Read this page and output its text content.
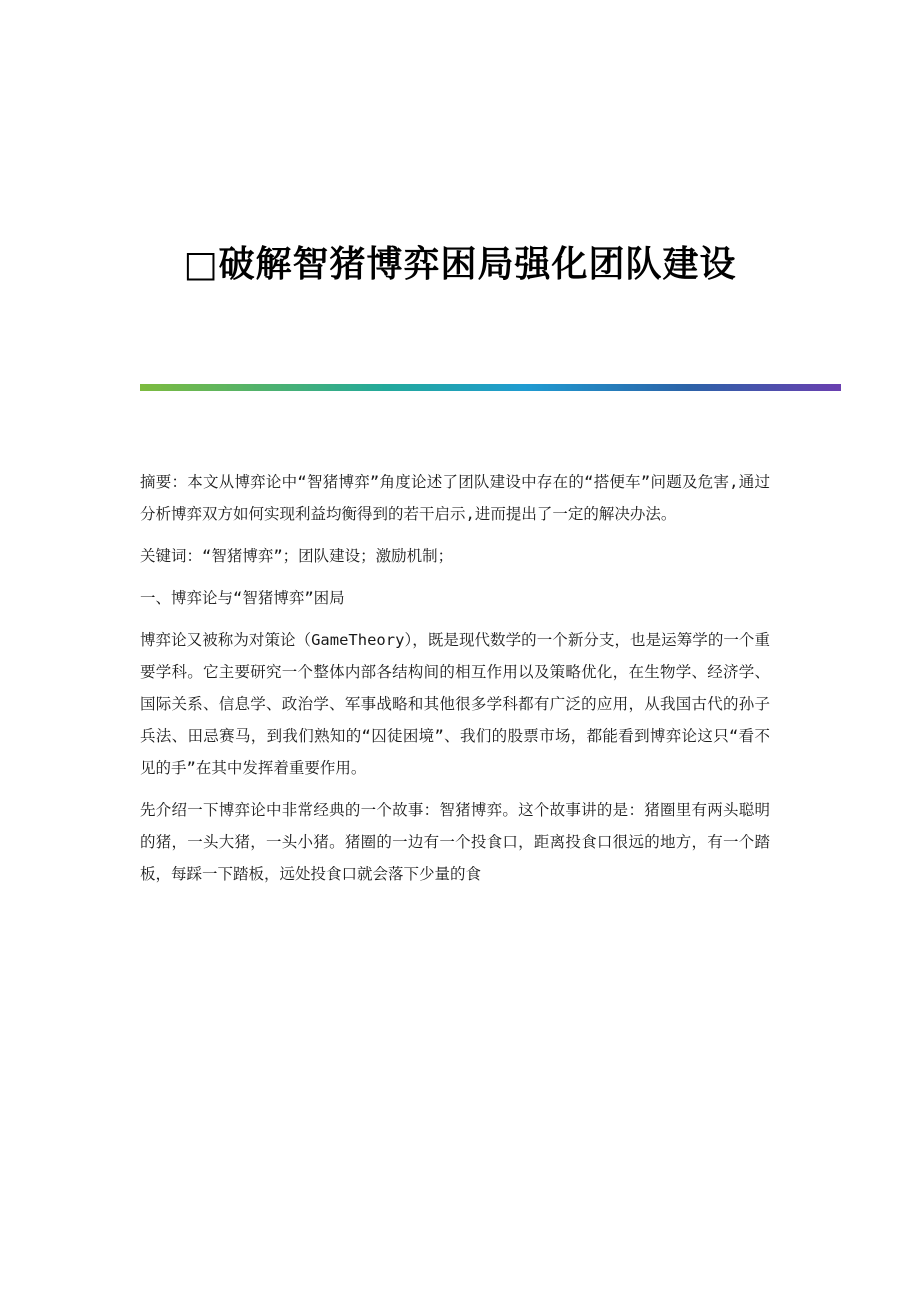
□破解智猪博弈困局强化团队建设

摘要：本文从博弈论中“智猪博弈”角度论述了团队建设中存在的“搭便车”问题及危害,通过分析博弈双方如何实现利益均衡得到的若干启示,进而提出了一定的解决办法。

关键词：“智猪博弈”；团队建设；激励机制；

一、博弈论与“智猪博弈”困局

博弈论又被称为对策论（GameTheory），既是现代数学的一个新分支，也是运筹学的一个重要学科。它主要研究一个整体内部各结构间的相互作用以及策略优化，在生物学、经济学、国际关系、信息学、政治学、军事战略和其他很多学科都有广泛的应用，从我国古代的孙子兵法、田忌赛马，到我们熟知的“囚徒困境”、我们的股票市场，都能看到博弈论这只“看不见的手”在其中发挥着重要作用。

先介绍一下博弈论中非常经典的一个故事：智猪博弈。这个故事讲的是：猪圈里有两头聪明的猪，一头大猪，一头小猪。猪圈的一边有一个投食口，距离投食口很远的地方，有一个踏板，每踩一下踏板，远处投食口就会落下少量的食
